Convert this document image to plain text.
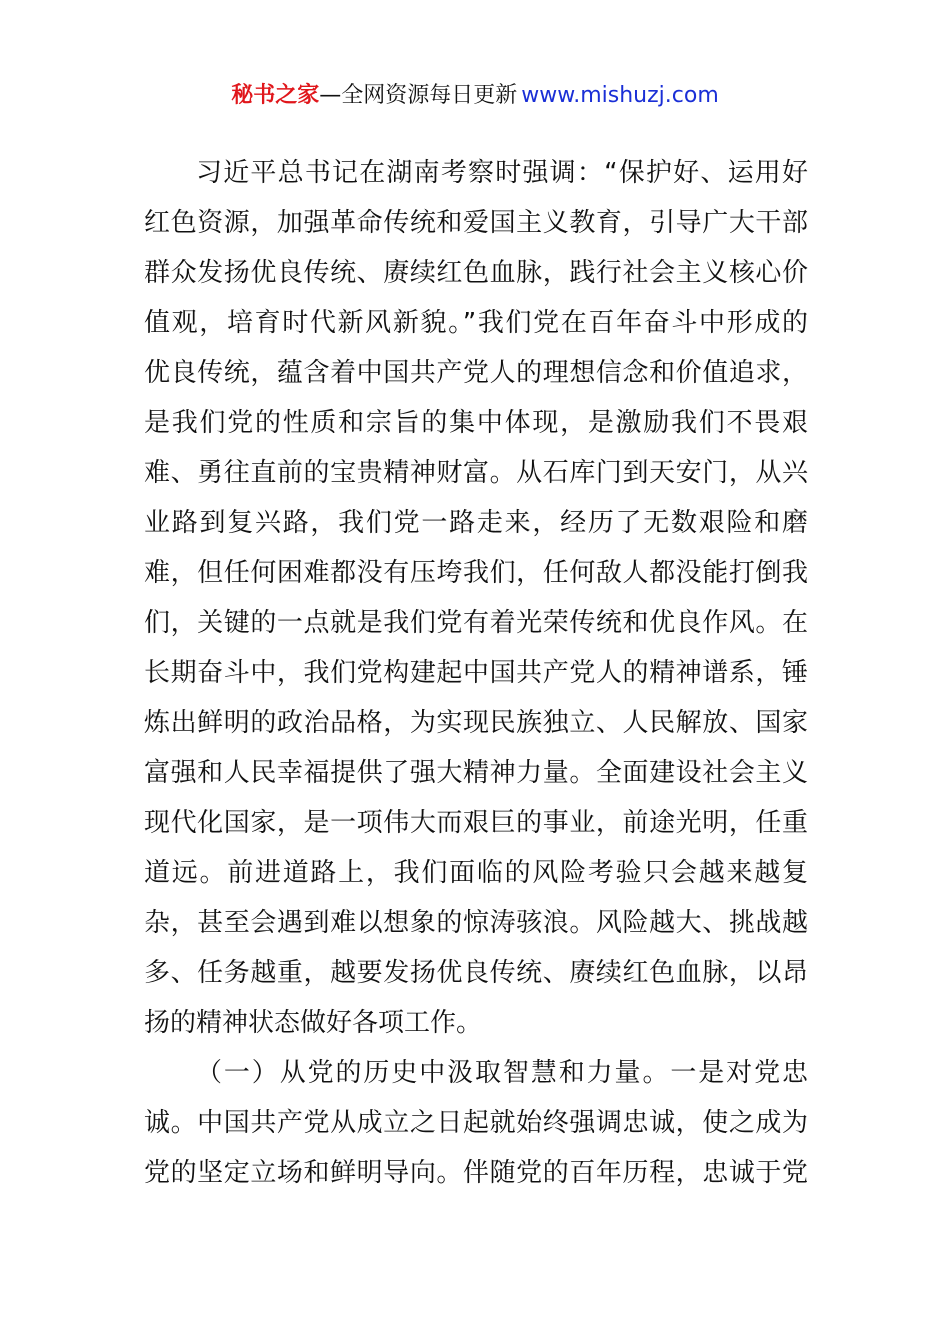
秘书之家—全网资源每日更新 www.mishuzj.com
习近平总书记在湖南考察时强调：“保护好、运用好
红色资源，加强革命传统和爱国主义教育，引导广大干部
群众发扬优良传统、赓续红色血脉，践行社会主义核心价
值观，培育时代新风新貌。”我们党在百年奋斗中形成的
优良传统，蕴含着中国共产党人的理想信念和价值追求，
是我们党的性质和宗旨的集中体现，是激励我们不畏艰
难、勇往直前的宝贵精神财富。从石库门到天安门，从兴
业路到复兴路，我们党一路走来，经历了无数艰险和磨
难，但任何困难都没有压垮我们，任何敌人都没能打倒我
们，关键的一点就是我们党有着光荣传统和优良作风。在
长期奋斗中，我们党构建起中国共产党人的精神谱系，锤
炼出鲜明的政治品格，为实现民族独立、人民解放、国家
富强和人民幸福提供了强大精神力量。全面建设社会主义
现代化国家，是一项伟大而艰巨的事业，前途光明，任重
道远。前进道路上，我们面临的风险考验只会越来越复
杂，甚至会遇到难以想象的惊涛骇浪。风险越大、挑战越
多、任务越重，越要发扬优良传统、赓续红色血脉，以昂
扬的精神状态做好各项工作。
（一）从党的历史中汲取智慧和力量。一是对党忠
诚。中国共产党从成立之日起就始终强调忠诚，使之成为
党的坚定立场和鲜明导向。伴随党的百年历程，忠诚于党
